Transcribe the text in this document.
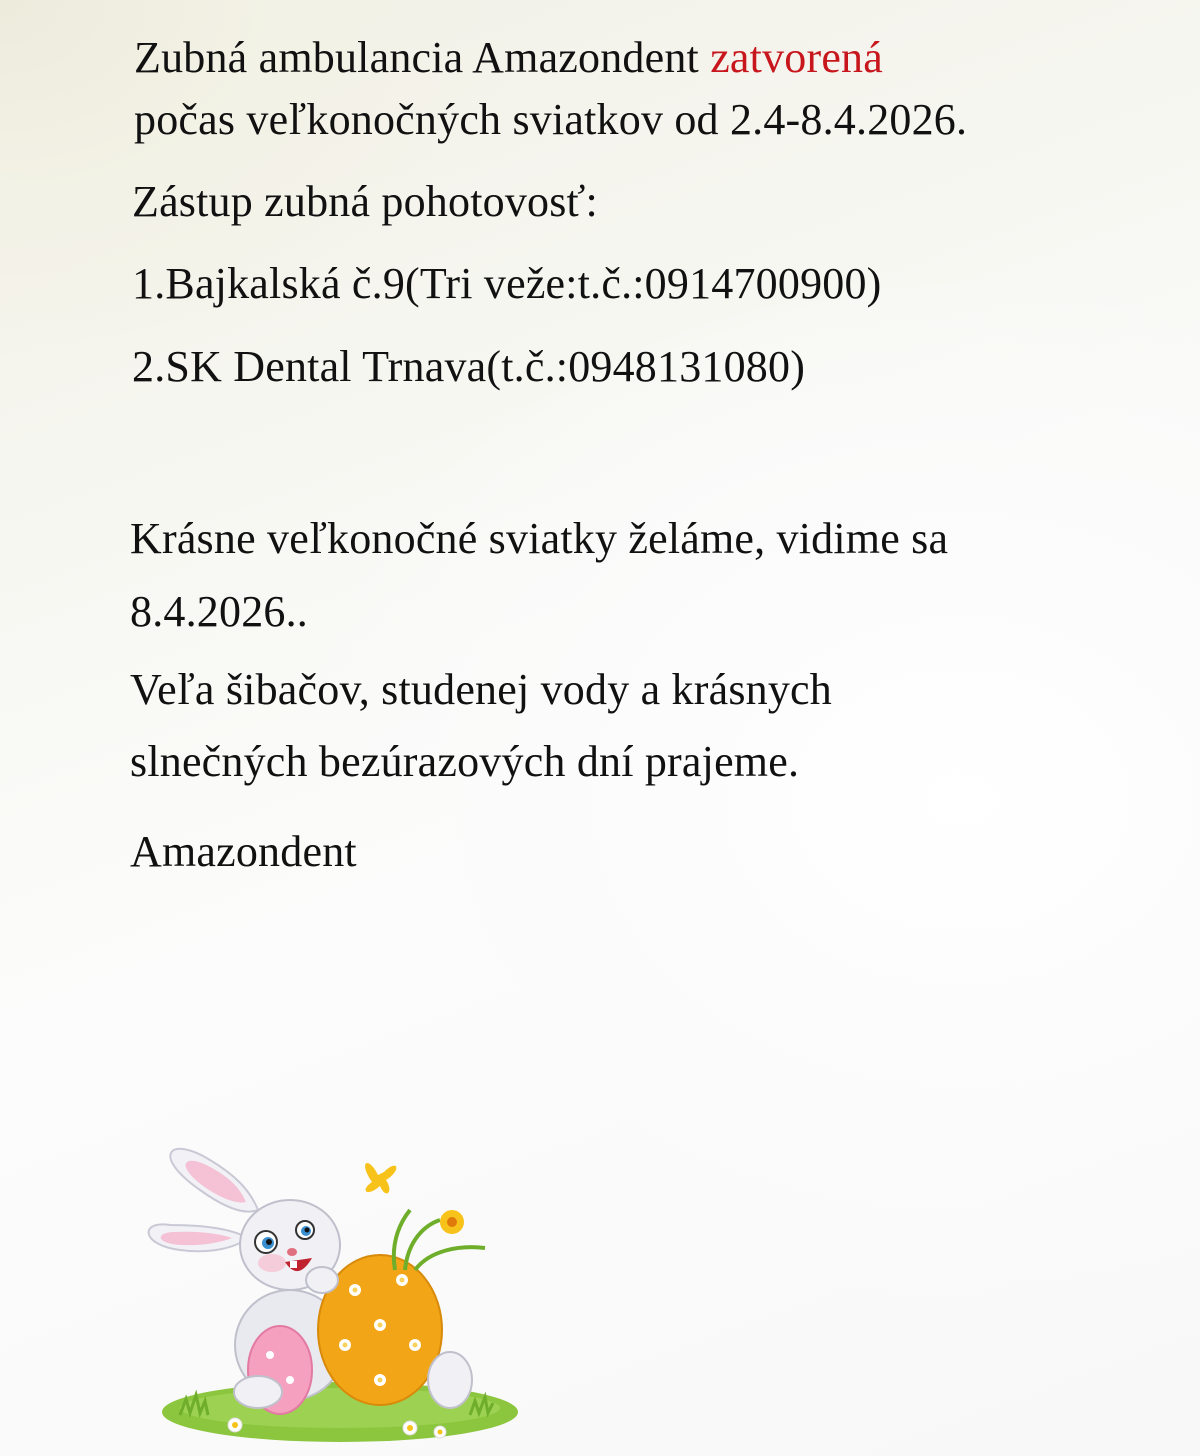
Zubná ambulancia Amazondent zatvorená
počas veľkonočných sviatkov od 2.4-8.4.2026.
Zástup zubná pohotovosť:
1.Bajkalská č.9(Tri veže:t.č.:0914700900)
2.SK Dental Trnava(t.č.:0948131080)
Krásne veľkonočné sviatky želáme, vidime sa
8.4.2026..
Veľa šibačov, studenej vody a krásnych
slnečných bezúrazových dní prajeme.
Amazondent
